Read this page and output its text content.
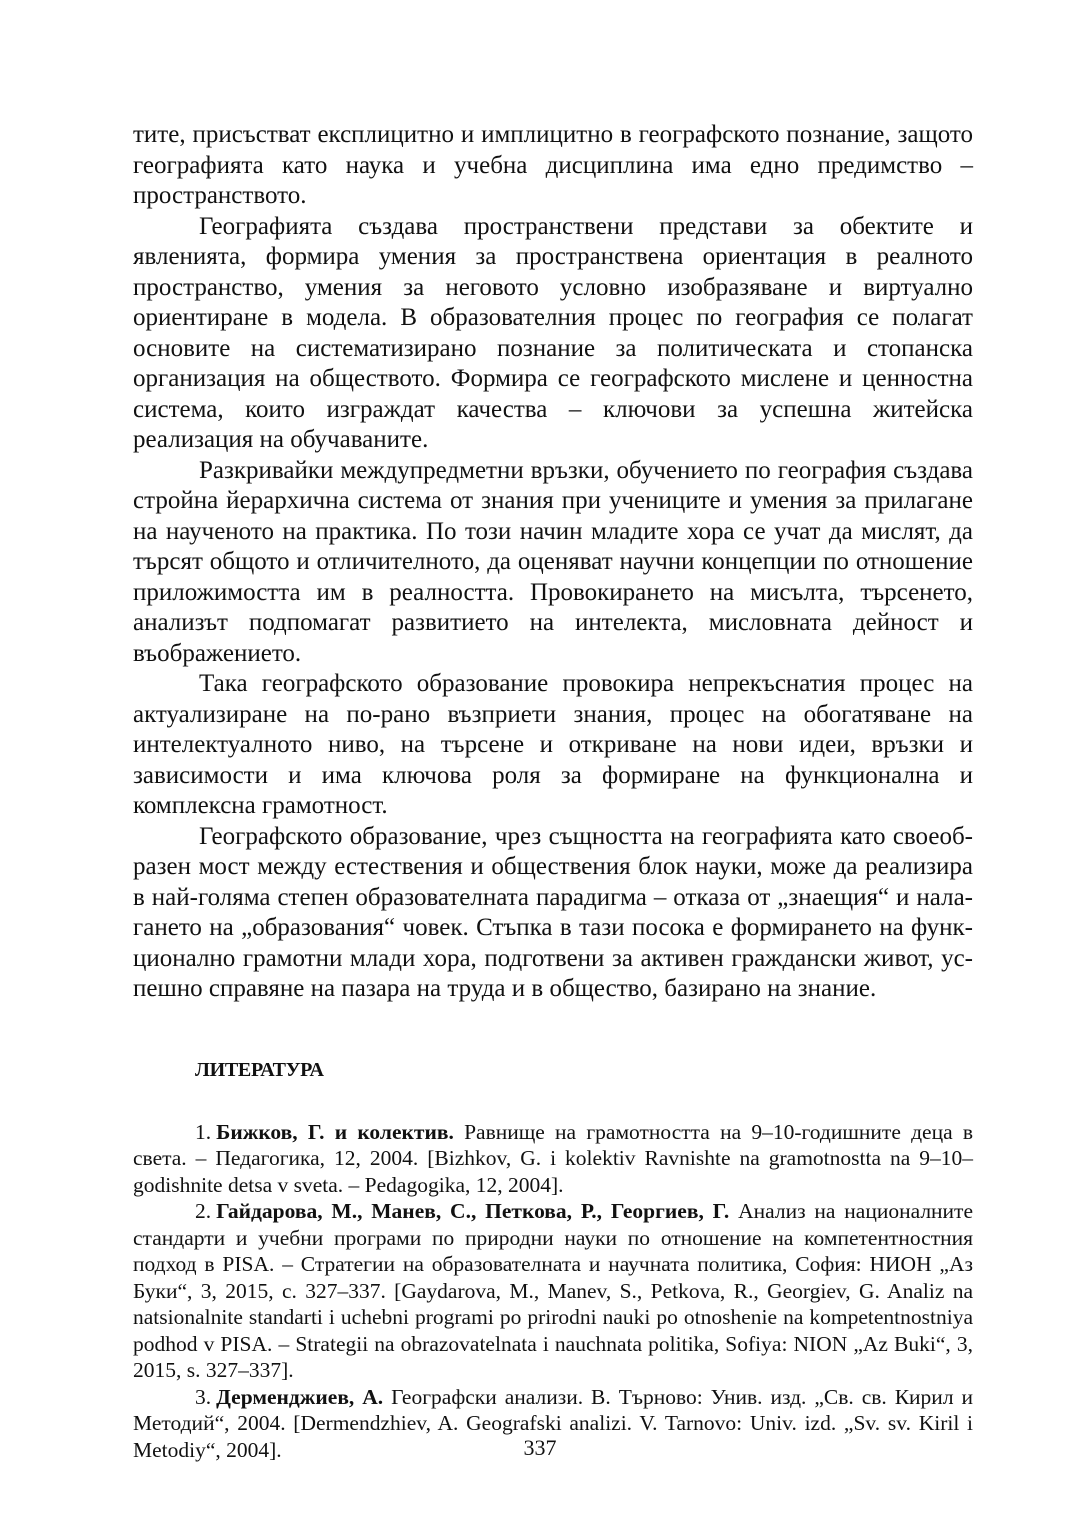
тите, присъстват експлицитно и имплицитно в географското познание, защото географията като наука и учебна дисциплина има едно предимство – пространството.

Географията създава пространствени представи за обектите и явленията, формира умения за пространствена ориентация в реалното пространство, умения за неговото условно изобразяване и виртуално ориентиране в модела. В образователния процес по география се полагат основите на систематизирано познание за политическата и стопанска организация на обществото. Формира се географското мислене и ценностна система, които изграждат качества – ключови за успешна житейска реализация на обучаваните.

Разкривайки междупредметни връзки, обучението по география създава стройна йерархична система от знания при учениците и умения за прилагане на наученото на практика. По този начин младите хора се учат да мислят, да търсят общото и отличителното, да оценяват научни концепции по отношение приложимостта им в реалността. Провокирането на мисълта, търсенето, анализът подпомагат развитието на интелекта, мисловната дейност и въображението.

Така географското образование провокира непрекъснатия процес на актуализиране на по-рано възприети знания, процес на обогатяване на интелектуалното ниво, на търсене и откриване на нови идеи, връзки и зависимости и има ключова роля за формиране на функционална и комплексна грамотност.

Географското образование, чрез същността на географията като своеобразен мост между естествения и обществения блок науки, може да реализира в най-голяма степен образователната парадигма – отказа от „знаещия“ и налагането на „образования“ човек. Стъпка в тази посока е формирането на функционално грамотни млади хора, подготвени за активен граждански живот, успешно справяне на пазара на труда и в общество, базирано на знание.

ЛИТЕРАТУРА

1. Бижков, Г. и колектив. Равнище на грамотността на 9–10-годишните деца в света. – Педагогика, 12, 2004. [Bizhkov, G. i kolektiv Ravnishte na gramotnostta na 9–10–godishnite detsa v sveta. – Pedagogika, 12, 2004].

2. Гайдарова, М., Манев, С., Петкова, Р., Георгиев, Г. Анализ на националните стандарти и учебни програми по природни науки по отношение на компетентностния подход в PISA. – Стратегии на образователната и научната политика, София: НИОН „Аз Буки“, 3, 2015, с. 327–337. [Gaydarova, M., Manev, S., Petkova, R., Georgiev, G. Analiz na natsionalnite standarti i uchebni programi po prirodni nauki po otnoshenie na kompetentnostniya podhod v PISA. – Strategii na obrazovatelnata i nauchnata politika, Sofiya: NION „Az Buki“, 3, 2015, s. 327–337].

3. Дерменджиев, А. Географски анализи. В. Търново: Унив. изд. „Св. св. Кирил и Методий“, 2004. [Dermendzhiev, A. Geografski analizi. V. Tarnovo: Univ. izd. „Sv. sv. Kiril i Metodiy“, 2004].	337
